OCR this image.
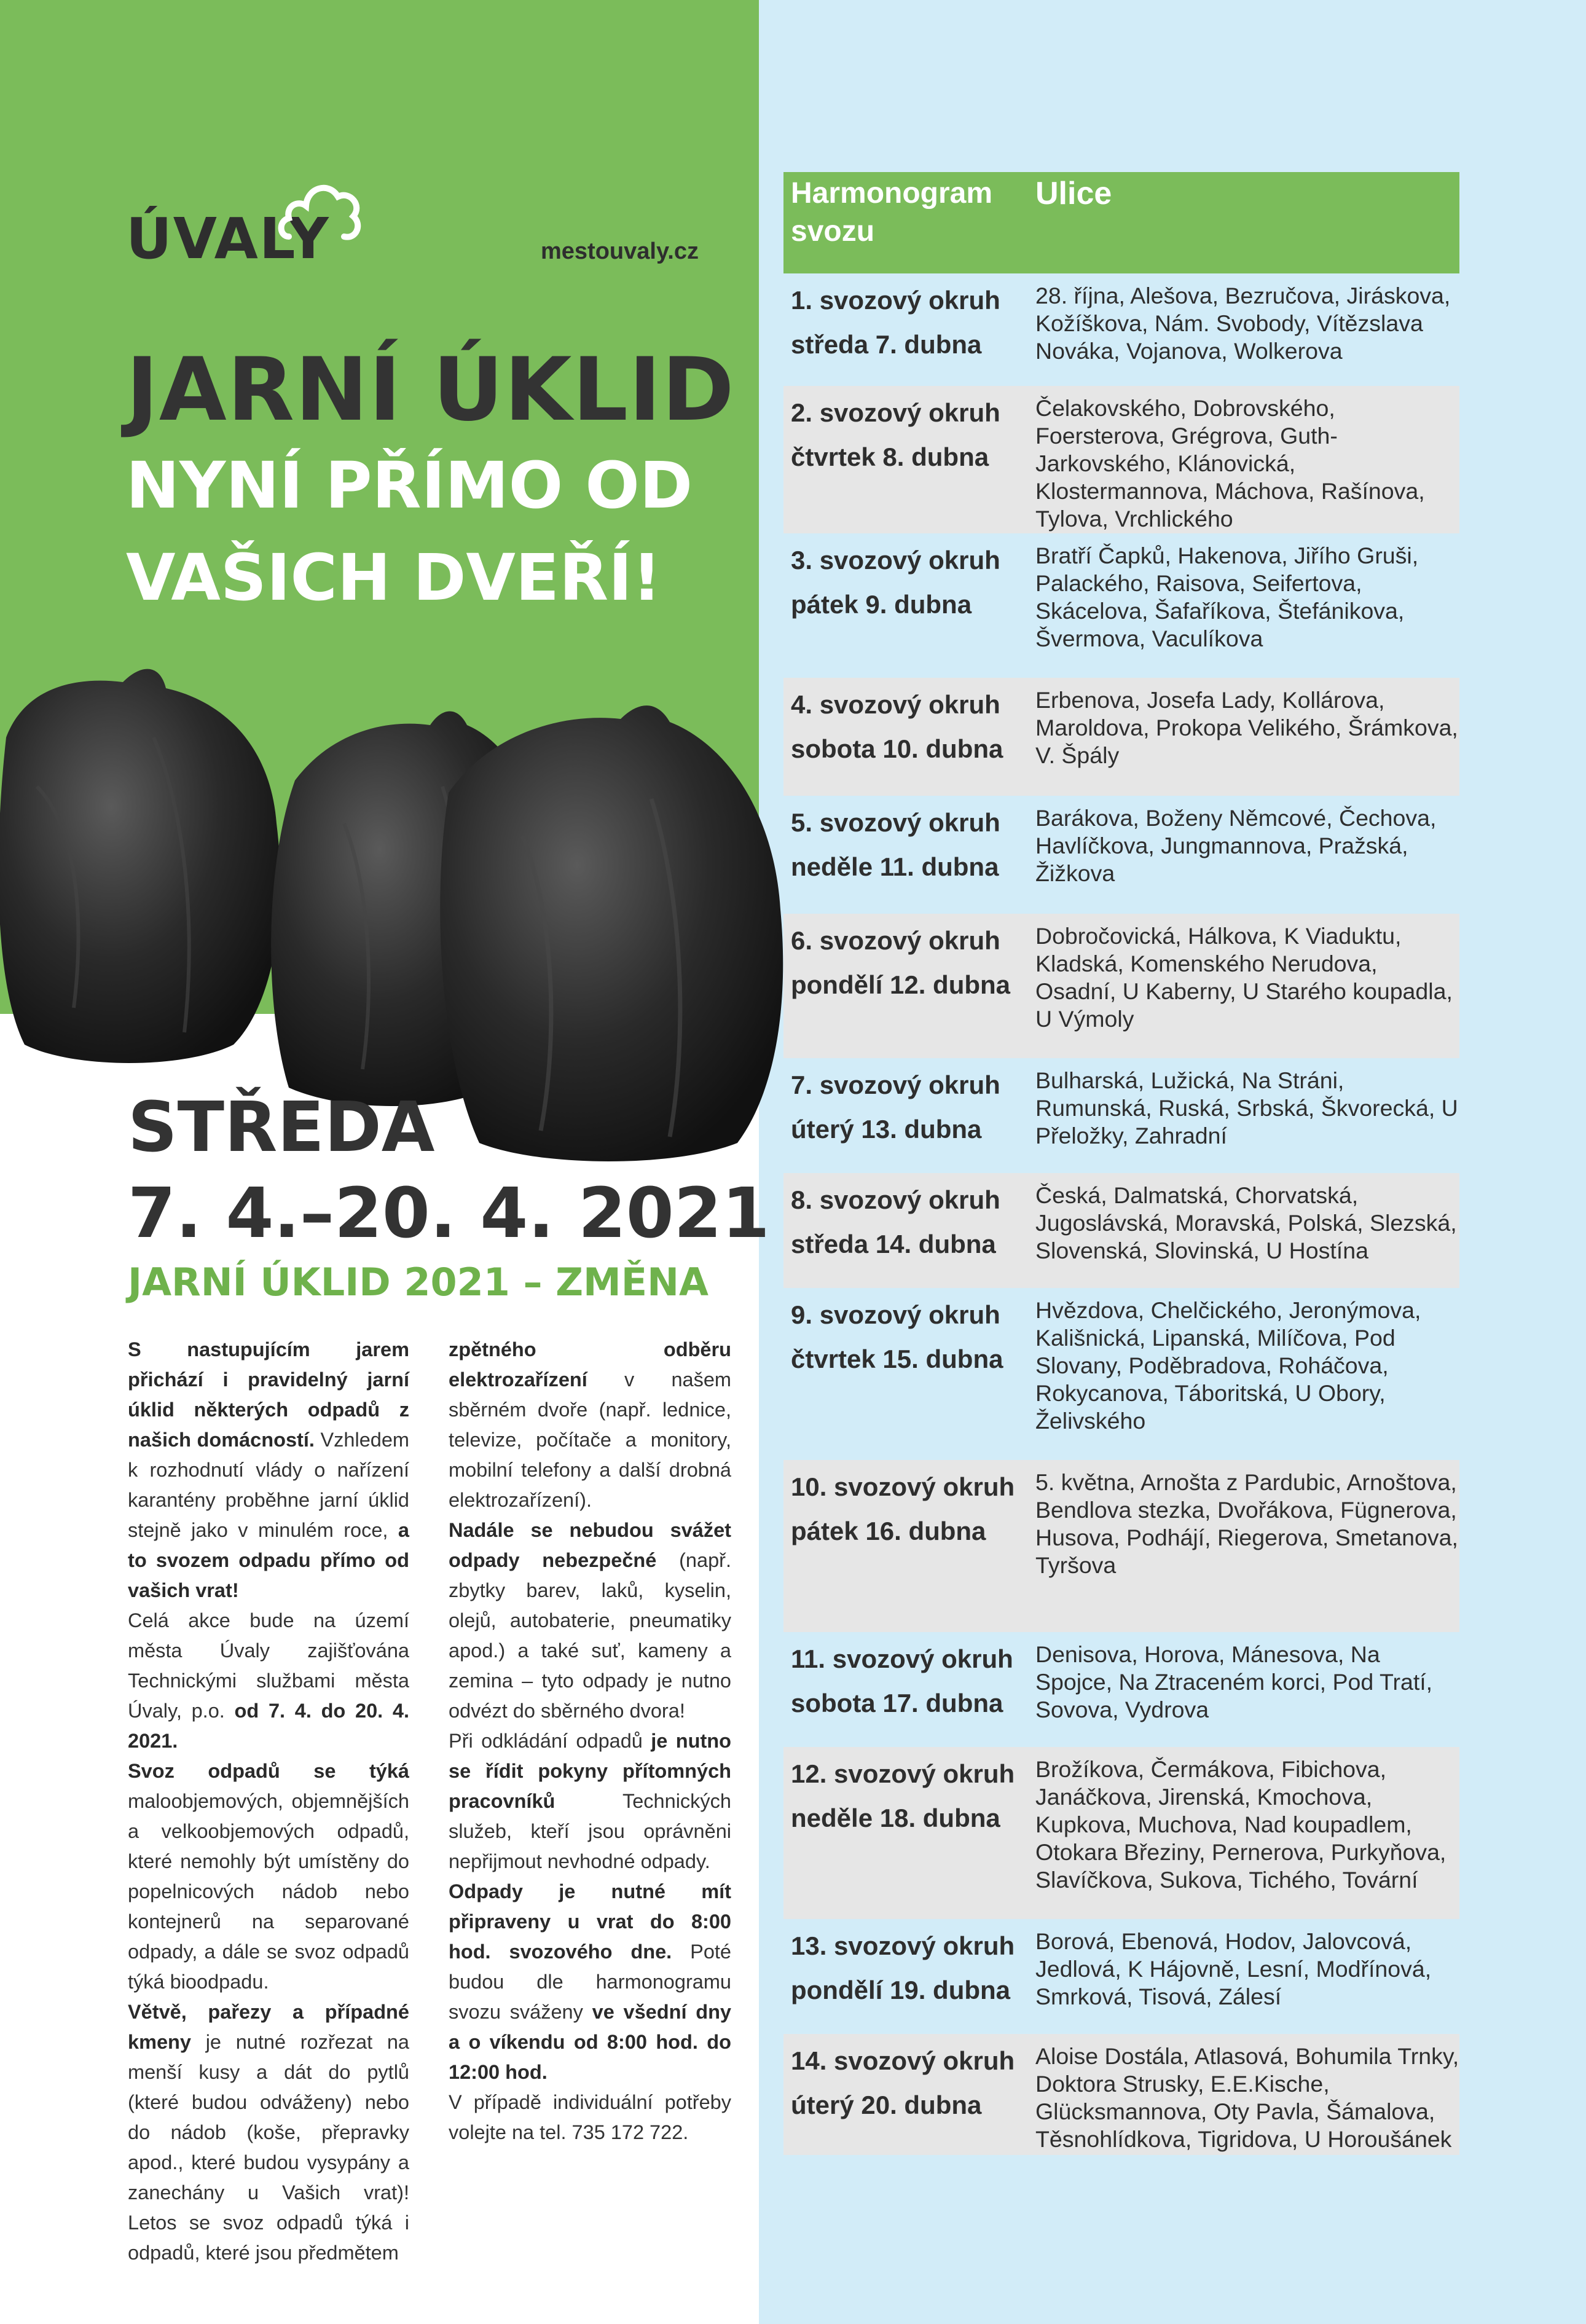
ÚVALY	mestouvaly.cz
JARNÍ ÚKLID
NYNÍ PŘÍMO OD
VAŠICH DVEŘÍ!
STŘEDA
7. 4.–20. 4. 2021
JARNÍ ÚKLID 2021 – ZMĚNA
S nastupujícím jarem přichází i pravidelný jarní úklid některých odpadů z našich domácností. Vzhledem k rozhodnutí vlády o nařízení karantény proběhne jarní úklid stejně jako v minulém roce, a to svozem odpadu přímo od vašich vrat!
Celá akce bude na území města Úvaly zajišťována Technickými službami města Úvaly, p.o. od 7. 4. do 20. 4. 2021.
Svoz odpadů se týká maloobjemových, objemnějších a velkoobjemových odpadů, které nemohly být umístěny do popelnicových nádob nebo kontejnerů na separované odpady, a dále se svoz odpadů týká bioodpadu.
Větvě, pařezy a případné kmeny je nutné rozřezat na menší kusy a dát do pytlů (které budou odváženy) nebo do nádob (koše, přepravky apod., které budou vysypány a zanechány u Vašich vrat)! Letos se svoz odpadů týká i odpadů, které jsou předmětem
zpětného odběru elektrozařízení v našem sběrném dvoře (např. lednice, televize, počítače a monitory, mobilní telefony a další drobná elektrozařízení).
Nadále se nebudou svážet odpady nebezpečné (např. zbytky barev, laků, kyselin, olejů, autobaterie, pneumatiky apod.) a také suť, kameny a zemina – tyto odpady je nutno odvézt do sběrného dvora!
Při odkládání odpadů je nutno se řídit pokyny přítomných pracovníků Technických služeb, kteří jsou oprávněni nepřijmout nevhodné odpady.
Odpady je nutné mít připraveny u vrat do 8:00 hod. svozového dne. Poté budou dle harmonogramu svozu sváženy ve všední dny a o víkendu od 8:00 hod. do 12:00 hod.
V případě individuální potřeby volejte na tel. 735 172 722.
Harmonogram svozu
Ulice
1. svozový okruh
středa 7. dubna
28. října, Alešova, Bezručova, Jiráskova, Kožíškova, Nám. Svobody, Vítězslava Nováka, Vojanova, Wolkerova
2. svozový okruh
čtvrtek 8. dubna
Čelakovského, Dobrovského, Foersterova, Grégrova, Guth-Jarkovského, Klánovická, Klostermannova, Máchova, Rašínova, Tylova, Vrchlického
3. svozový okruh
pátek 9. dubna
Bratří Čapků, Hakenova, Jiřího Gruši, Palackého, Raisova, Seifertova, Skácelova, Šafaříkova, Štefánikova, Švermova, Vaculíkova
4. svozový okruh
sobota 10. dubna
Erbenova, Josefa Lady, Kollárova, Maroldova, Prokopa Velikého, Šrámkova, V. Špály
5. svozový okruh
neděle 11. dubna
Barákova, Boženy Němcové, Čechova, Havlíčkova, Jungmannova, Pražská, Žižkova
6. svozový okruh
pondělí 12. dubna
Dobročovická, Hálkova, K Viaduktu, Kladská, Komenského Nerudova, Osadní, U Kaberny, U Starého koupadla, U Výmoly
7. svozový okruh
úterý 13. dubna
Bulharská, Lužická, Na Stráni, Rumunská, Ruská, Srbská, Škvorecká, U Přeložky, Zahradní
8. svozový okruh
středa 14. dubna
Česká, Dalmatská, Chorvatská, Jugoslávská, Moravská, Polská, Slezská, Slovenská, Slovinská, U Hostína
9. svozový okruh
čtvrtek 15. dubna
Hvězdova, Chelčického, Jeronýmova, Kališnická, Lipanská, Milíčova, Pod Slovany, Poděbradova, Roháčova, Rokycanova, Táboritská, U Obory, Želivského
10. svozový okruh
pátek 16. dubna
5. května, Arnošta z Pardubic, Arnoštova, Bendlova stezka, Dvořákova, Fügnerova, Husova, Podhájí, Riegerova, Smetanova, Tyršova
11. svozový okruh
sobota 17. dubna
Denisova, Horova, Mánesova, Na Spojce, Na Ztraceném korci, Pod Tratí, Sovova, Vydrova
12. svozový okruh
neděle 18. dubna
Brožíkova, Čermákova, Fibichova, Janáčkova, Jirenská, Kmochova, Kupkova, Muchova, Nad koupadlem, Otokara Březiny, Pernerova, Purkyňova, Slavíčkova, Sukova, Tichého, Tovární
13. svozový okruh
pondělí 19. dubna
Borová, Ebenová, Hodov, Jalovcová, Jedlová, K Hájovně, Lesní, Modřínová, Smrková, Tisová, Zálesí
14. svozový okruh
úterý 20. dubna
Aloise Dostála, Atlasová, Bohumila Trnky, Doktora Strusky, E.E.Kische, Glücksmannova, Oty Pavla, Šámalova, Těsnohlídkova, Tigridova, U Horoušánek
